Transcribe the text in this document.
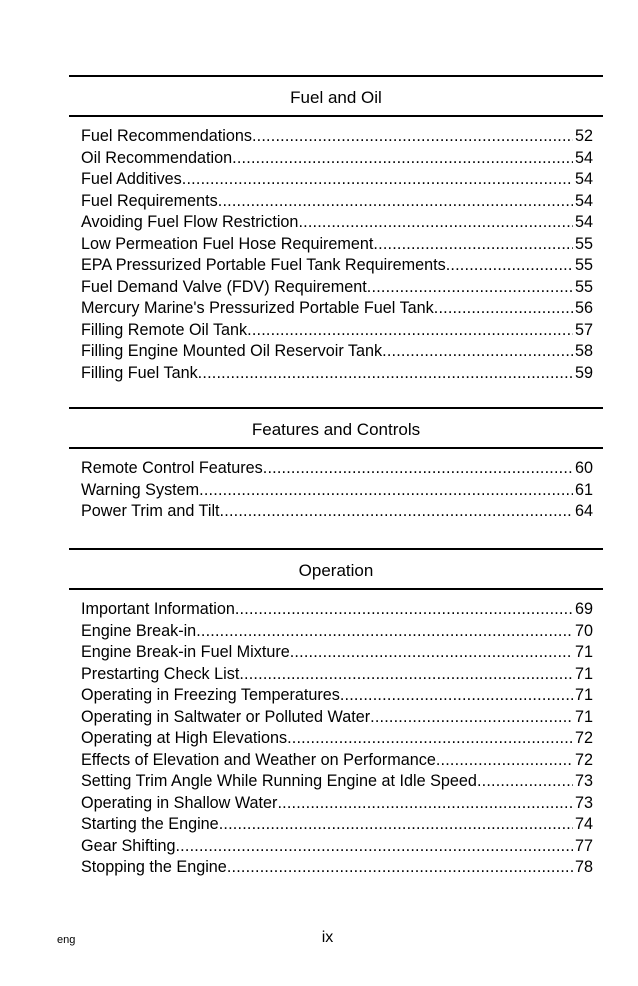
Fuel and Oil
Fuel Recommendations .....	52
Oil Recommendation .....	54
Fuel Additives .....	54
Fuel Requirements .....	54
Avoiding Fuel Flow Restriction .....	54
Low Permeation Fuel Hose Requirement .....	55
EPA Pressurized Portable Fuel Tank Requirements .....	55
Fuel Demand Valve (FDV) Requirement .....	55
Mercury Marine's Pressurized Portable Fuel Tank .....	56
Filling Remote Oil Tank .....	57
Filling Engine Mounted Oil Reservoir Tank .....	58
Filling Fuel Tank .....	59
Features and Controls
Remote Control Features .....	60
Warning System .....	61
Power Trim and Tilt .....	64
Operation
Important Information .....	69
Engine Break-in .....	70
Engine Break-in Fuel Mixture .....	71
Prestarting Check List .....	71
Operating in Freezing Temperatures .....	71
Operating in Saltwater or Polluted Water .....	71
Operating at High Elevations .....	72
Effects of Elevation and Weather on Performance .....	72
Setting Trim Angle While Running Engine at Idle Speed .....	73
Operating in Shallow Water .....	73
Starting the Engine .....	74
Gear Shifting .....	77
Stopping the Engine .....	78
eng	ix
